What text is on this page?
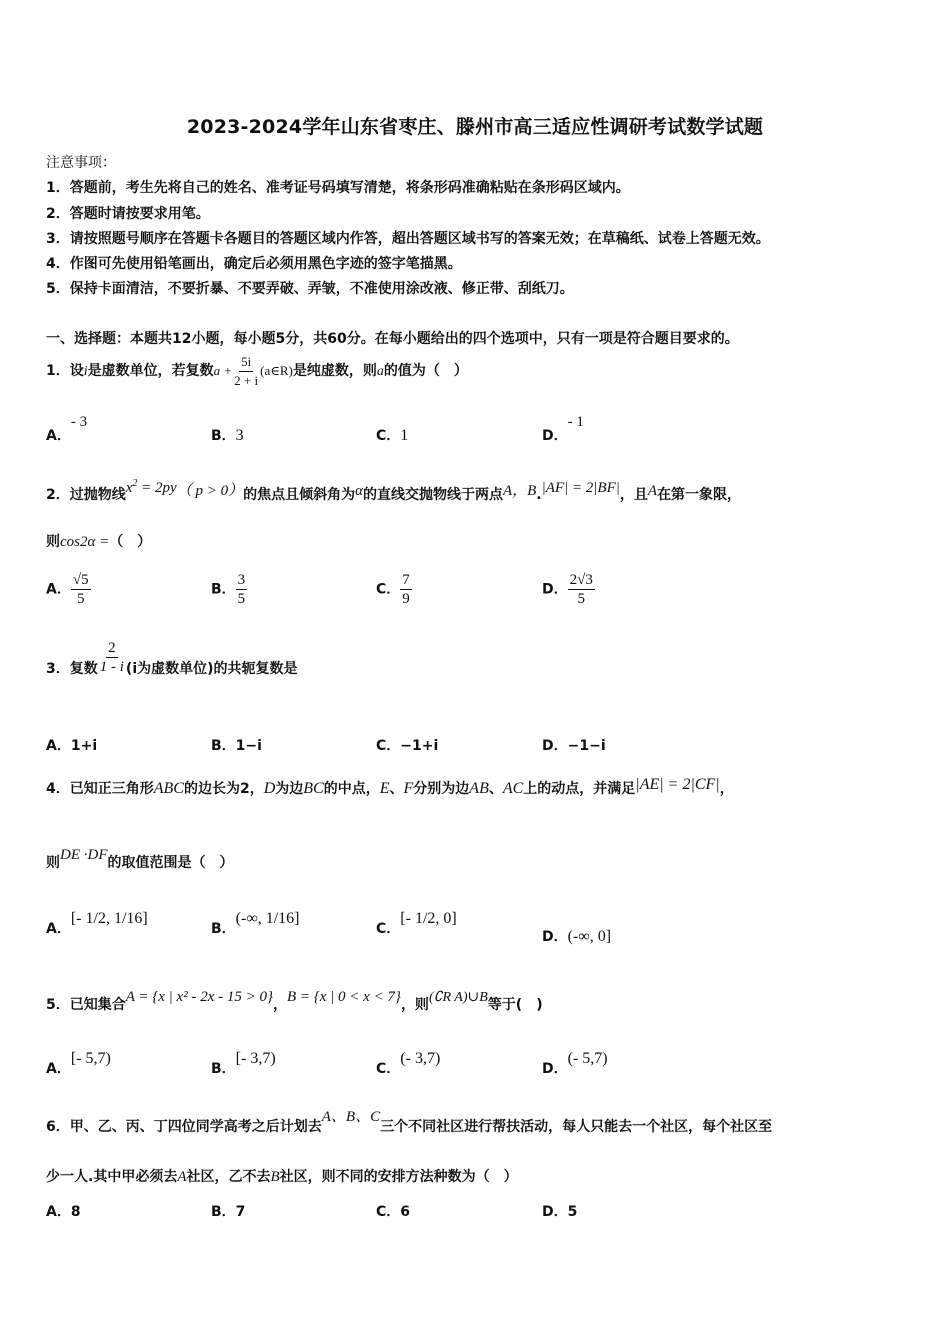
2023-2024学年山东省枣庄、滕州市高三适应性调研考试数学试题
注意事项：
1．答题前，考生先将自己的姓名、准考证号码填写清楚，将条形码准确粘贴在条形码区域内。
2．答题时请按要求用笔。
3．请按照题号顺序在答题卡各题目的答题区域内作答，超出答题区域书写的答案无效；在草稿纸、试卷上答题无效。
4．作图可先使用铅笔画出，确定后必须用黑色字迹的签字笔描黑。
5．保持卡面清洁，不要折暴、不要弄破、弄皱，不准使用涂改液、修正带、刮纸刀。
一、选择题：本题共12小题，每小题5分，共60分。在每小题给出的四个选项中，只有一项是符合题目要求的。
1．设i是虚数单位，若复数$a + \frac{5i}{2 + i}$ (a∈R)是纯虚数，则a的值为（　）
A．- 3
B．3	C．1	D．- 1
2．过抛物线$x^2 = 2py$（ p > 0）的焦点且倾斜角为α的直线交抛物线于两点A，B.|AF| = 2|BF|，且A在第一象限，
则cos2α =（　）
A． $\frac{√5}{5}$	B． $\frac{3}{5}$	C． $\frac{7}{9}$	D． $\frac{2√3}{5}$
3．复数 $\frac{2}{1 - i} (i$为虚数单位)的共轭复数是
A．1+i	B．1−i	C．−1+i	D．−1−i
4．已知正三角形ABC的边长为2，D为边BC的中点，E、F分别为边AB、AC上的动点，并满足|AE| = 2|CF|，
则DE ·DF的取值范围是（　）
A．[- 1/2, 1/16]
B．(-∞, 1/16]
C．[- 1/2, 0]
D．(-∞, 0]
5．已知集合A = {x | x² - 2x - 15 > 0}，B = {x | 0 < x < 7}，则(∁R A)∪B等于(　)
A．[- 5,7)
B．[- 3,7)
C．(- 3,7)
D．(- 5,7)
6．甲、乙、丙、丁四位同学高考之后计划去A、B、C三个不同社区进行帮扶活动，每人只能去一个社区，每个社区至
少一人.其中甲必须去A社区，乙不去B社区，则不同的安排方法种数为（　）
A．8	B．7	C．6	D．5
